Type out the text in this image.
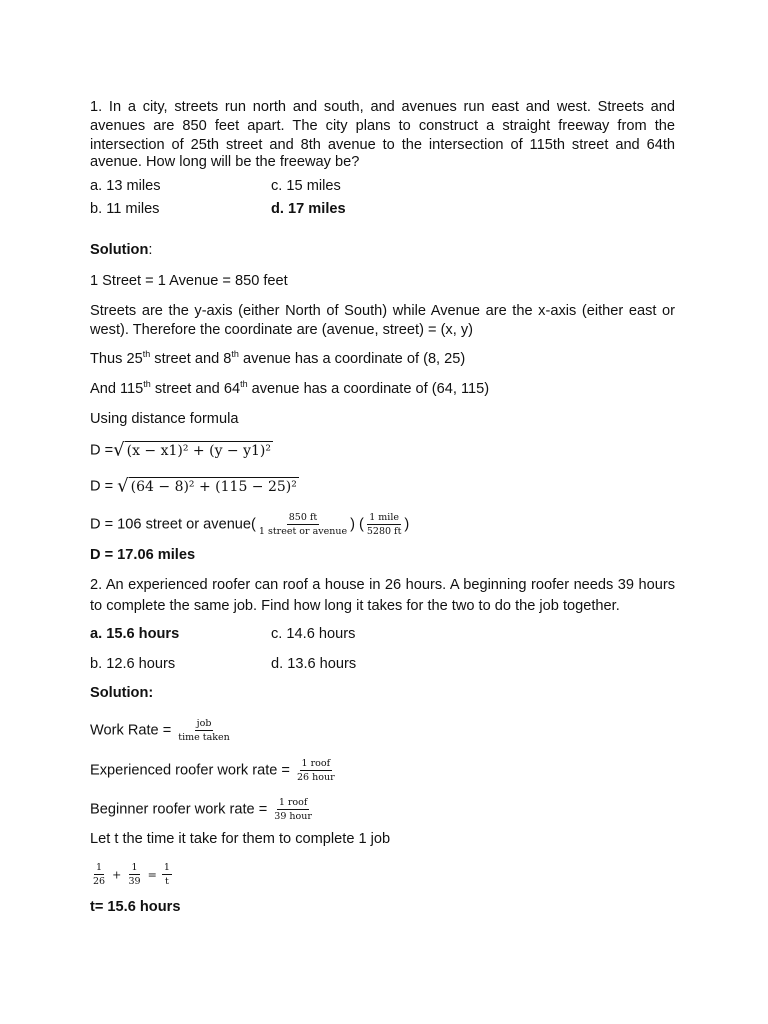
1. In a city, streets run north and south, and avenues run east and west. Streets and
avenues are 850 feet apart. The city plans to construct a straight freeway from the
intersection of 25th street and 8th avenue to the intersection of 115th street and 64th
avenue. How long will be the freeway be?
a. 13 miles	c. 15 miles
b. 11 miles	d. 17 miles
Solution:
1 Street = 1 Avenue = 850 feet
Streets are the y-axis (either North of South) while Avenue are the x-axis (either east or
west). Therefore the coordinate are (avenue, street) = (x, y)
Thus 25th street and 8th avenue has a coordinate of (8, 25)
And 115th street and 64th avenue has a coordinate of (64, 115)
Using distance formula
D =√ (x − x1)² + (y − y1)²
D = √ (64 − 8)² + (115 − 25)²
D = 106 street or avenue( $\frac{850 ft}{\text{1 street or avenue}}$ ) ( $\frac{\text{1 mile}}{5280 ft}$ )
D = 17.06 miles
2. An experienced roofer can roof a house in 26 hours. A beginning roofer needs 39 hours
to complete the same job. Find how long it takes for the two to do the job together.
a. 15.6 hours	c. 14.6 hours
b. 12.6 hours	d. 13.6 hours
Solution:
Work Rate = $\frac{\text{job}}{\text{time taken}}$
Experienced roofer work rate = $\frac{\text{1 roof}}{\text{26 hour}}$
Beginner roofer work rate = $\frac{\text{1 roof}}{\text{39 hour}}$
Let t the time it take for them to complete 1 job
$\frac{1}{26} + \frac{1}{39} = \frac{1}{t}$
t= 15.6 hours
